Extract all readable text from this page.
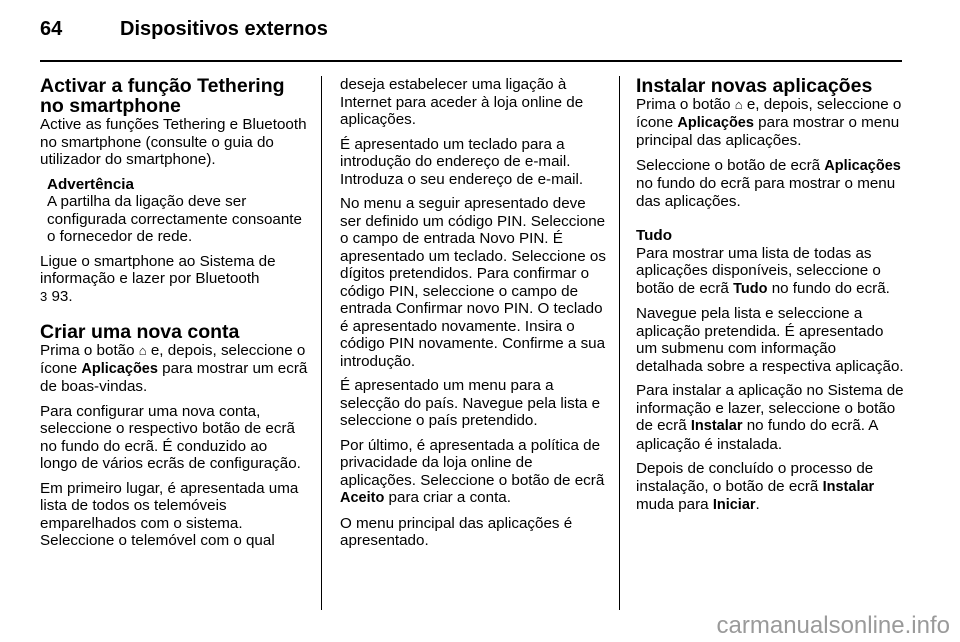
64	Dispositivos externos
Activar a função Tethering no smartphone

Active as funções Tethering e Bluetooth no smartphone (consulte o guia do utilizador do smartphone).

Advertência
A partilha da ligação deve ser configurada correctamente consoante o fornecedor de rede.

Ligue o smartphone ao Sistema de informação e lazer por Bluetooth
3 93.

Criar uma nova conta

Prima o botão ⌂ e, depois, seleccione o ícone Aplicações para mostrar um ecrã de boas-vindas.

Para configurar uma nova conta, seleccione o respectivo botão de ecrã no fundo do ecrã. É conduzido ao longo de vários ecrãs de configuração.

Em primeiro lugar, é apresentada uma lista de todos os telemóveis emparelhados com o sistema. Seleccione o telemóvel com o qual

deseja estabelecer uma ligação à Internet para aceder à loja online de aplicações.

É apresentado um teclado para a introdução do endereço de e-mail. Introduza o seu endereço de e-mail.

No menu a seguir apresentado deve ser definido um código PIN. Seleccione o campo de entrada Novo PIN. É apresentado um teclado. Seleccione os dígitos pretendidos. Para confirmar o código PIN, seleccione o campo de entrada Confirmar novo PIN. O teclado é apresentado novamente. Insira o código PIN novamente. Confirme a sua introdução.

É apresentado um menu para a selecção do país. Navegue pela lista e seleccione o país pretendido.

Por último, é apresentada a política de privacidade da loja online de aplicações. Seleccione o botão de ecrã Aceito para criar a conta.

O menu principal das aplicações é apresentado.

Instalar novas aplicações

Prima o botão ⌂ e, depois, seleccione o ícone Aplicações para mostrar o menu principal das aplicações.

Seleccione o botão de ecrã Aplicações no fundo do ecrã para mostrar o menu das aplicações.

Tudo

Para mostrar uma lista de todas as aplicações disponíveis, seleccione o botão de ecrã Tudo no fundo do ecrã.

Navegue pela lista e seleccione a aplicação pretendida. É apresentado um submenu com informação detalhada sobre a respectiva aplicação.

Para instalar a aplicação no Sistema de informação e lazer, seleccione o botão de ecrã Instalar no fundo do ecrã. A aplicação é instalada.

Depois de concluído o processo de instalação, o botão de ecrã Instalar muda para Iniciar.

carmanualsonline.info
